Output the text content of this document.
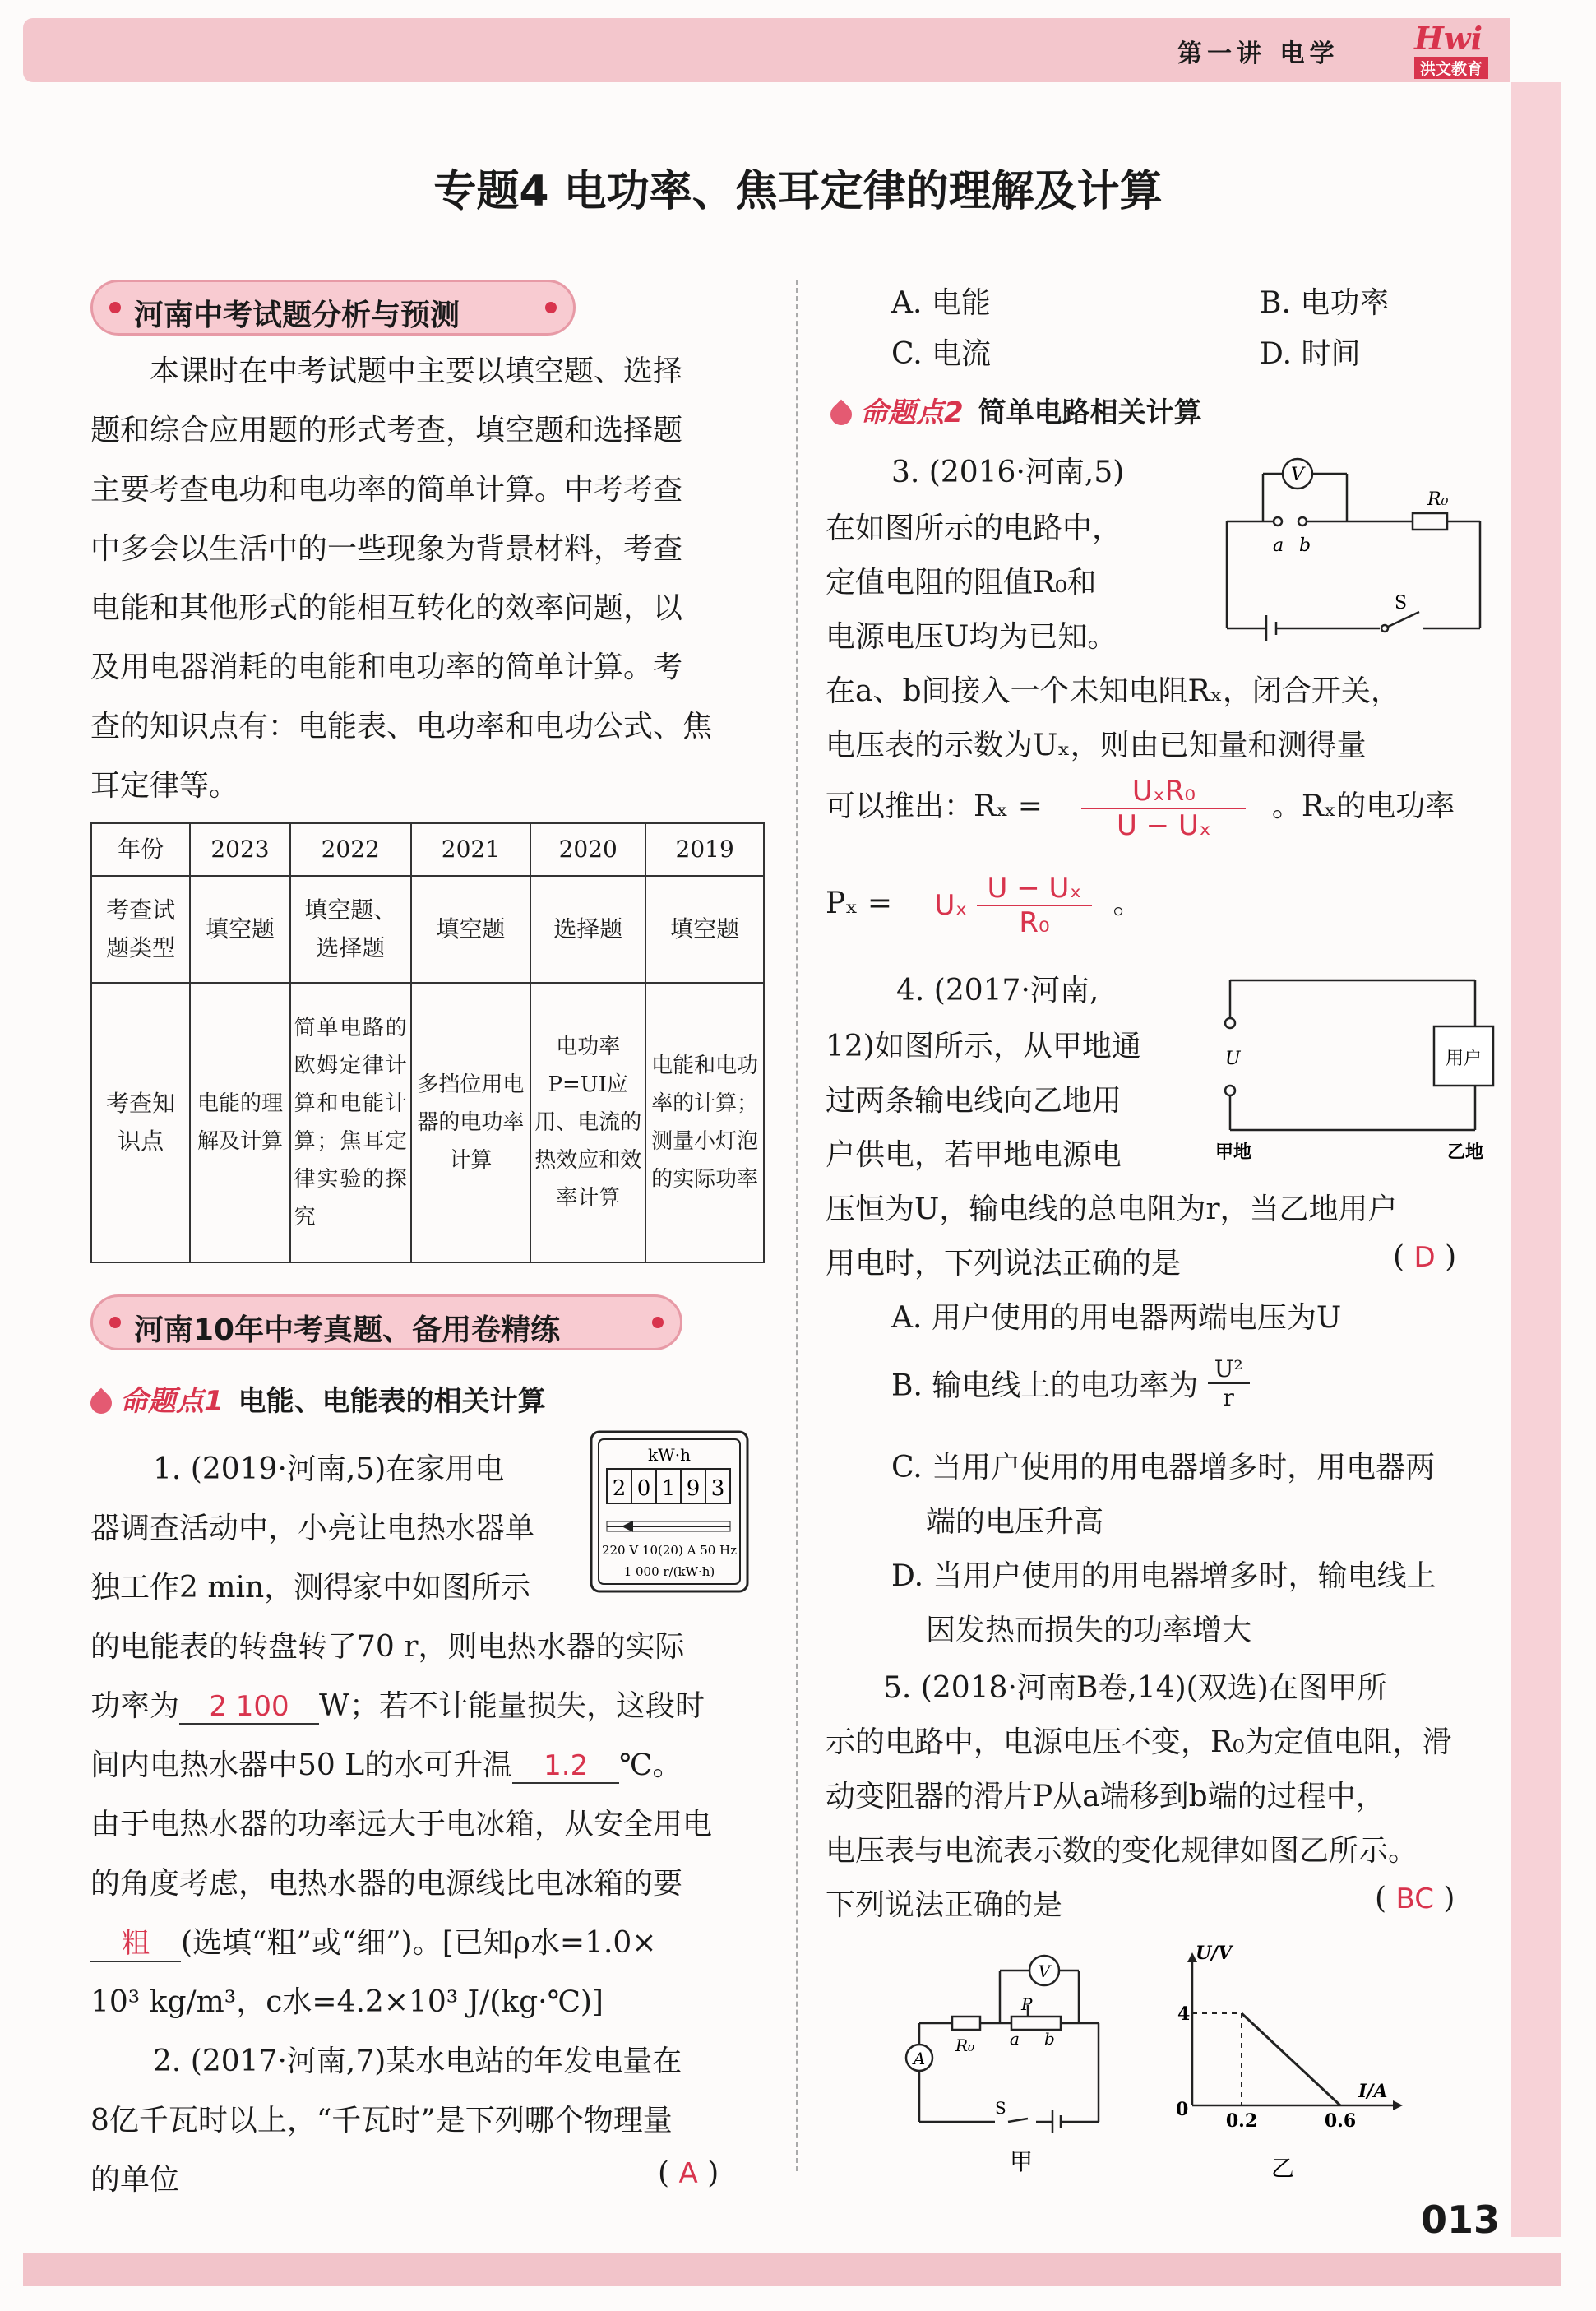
第一讲 电学 Hwi
洪文教育
013
专题4 电功率、焦耳定律的理解及计算
河南中考试题分析与预测
本课时在中考试题中主要以填空题、选择
题和综合应用题的形式考查，填空题和选择题
主要考查电功和电功率的简单计算。中考考查
中多会以生活中的一些现象为背景材料，考查
电能和其他形式的能相互转化的效率问题，以
及用电器消耗的电能和电功率的简单计算。考
查的知识点有：电能表、电功率和电功公式、焦
耳定律等。
年份	2023	2022	2021	2020	2019
考查试题类型	填空题	填空题、选择题	填空题	选择题	填空题
考查知识点	电能的理解及计算	简单电路的欧姆定律计算和电能计算；焦耳定律实验的探究	多挡位用电器的电功率计算	电功率P=UI应用、电流的热效应和效率计算	电能和电功率的计算；测量小灯泡的实际功率
河南10年中考真题、备用卷精练
命题点1 电能、电能表的相关计算
1. (2019·河南,5)在家用电
器调查活动中，小亮让电热水器单
独工作2 min，测得家中如图所示
的电能表的转盘转了70 r，则电热水器的实际
功率为 2 100 W；若不计能量损失，这段时
间内电热水器中50 L的水可升温 1.2 ℃。
由于电热水器的功率远大于电冰箱，从安全用电
的角度考虑，电热水器的电源线比电冰箱的要
粗 (选填“粗”或“细”)。[已知ρ水=1.0×
10³ kg/m³，c水=4.2×10³ J/(kg·℃)]
kW·h
2 0 1 9 3
220 V 10(20) A 50 Hz
1 000 r/(kW·h)
2. (2017·河南,7)某水电站的年发电量在
8亿千瓦时以上，“千瓦时”是下列哪个物理量
的单位	( A )
A. 电能	B. 电功率
C. 电流	D. 时间
命题点2 简单电路相关计算
3. (2016·河南,5)
在如图所示的电路中，
定值电阻的阻值R₀和
电源电压U均为已知。
在a、b间接入一个未知电阻Rₓ，闭合开关，
电压表的示数为Uₓ，则由已知量和测得量
可以推出：$R_x = \frac{\text{UₓR₀}}{\text{U − Uₓ}}$ 。Rₓ的电功率
Pₓ = Uₓ $\frac{\text{U − Uₓ}}{\text{R₀}}$ 。
V
R₀
a b
S
4. (2017·河南,
12)如图所示，从甲地通
过两条输电线向乙地用
户供电，若甲地电源电
压恒为U，输电线的总电阻为r，当乙地用户
用电时，下列说法正确的是	( D )
A. 用户使用的用电器两端电压为U
B. 输电线上的电功率为 $\frac{\text{U²}}{r}$
C. 当用户使用的用电器增多时，用电器两
端的电压升高
D. 当用户使用的用电器增多时，输电线上
因发热而损失的功率增大
U	用户
甲地	乙地
5. (2018·河南B卷,14)(双选)在图甲所
示的电路中，电源电压不变，R₀为定值电阻，滑
动变阻器的滑片P从a端移到b端的过程中，
电压表与电流表示数的变化规律如图乙所示。
下列说法正确的是	( BC )
A
V
P
R₀ a b
S
甲
U/V
I/A
4
0
0.2	0.6
乙
